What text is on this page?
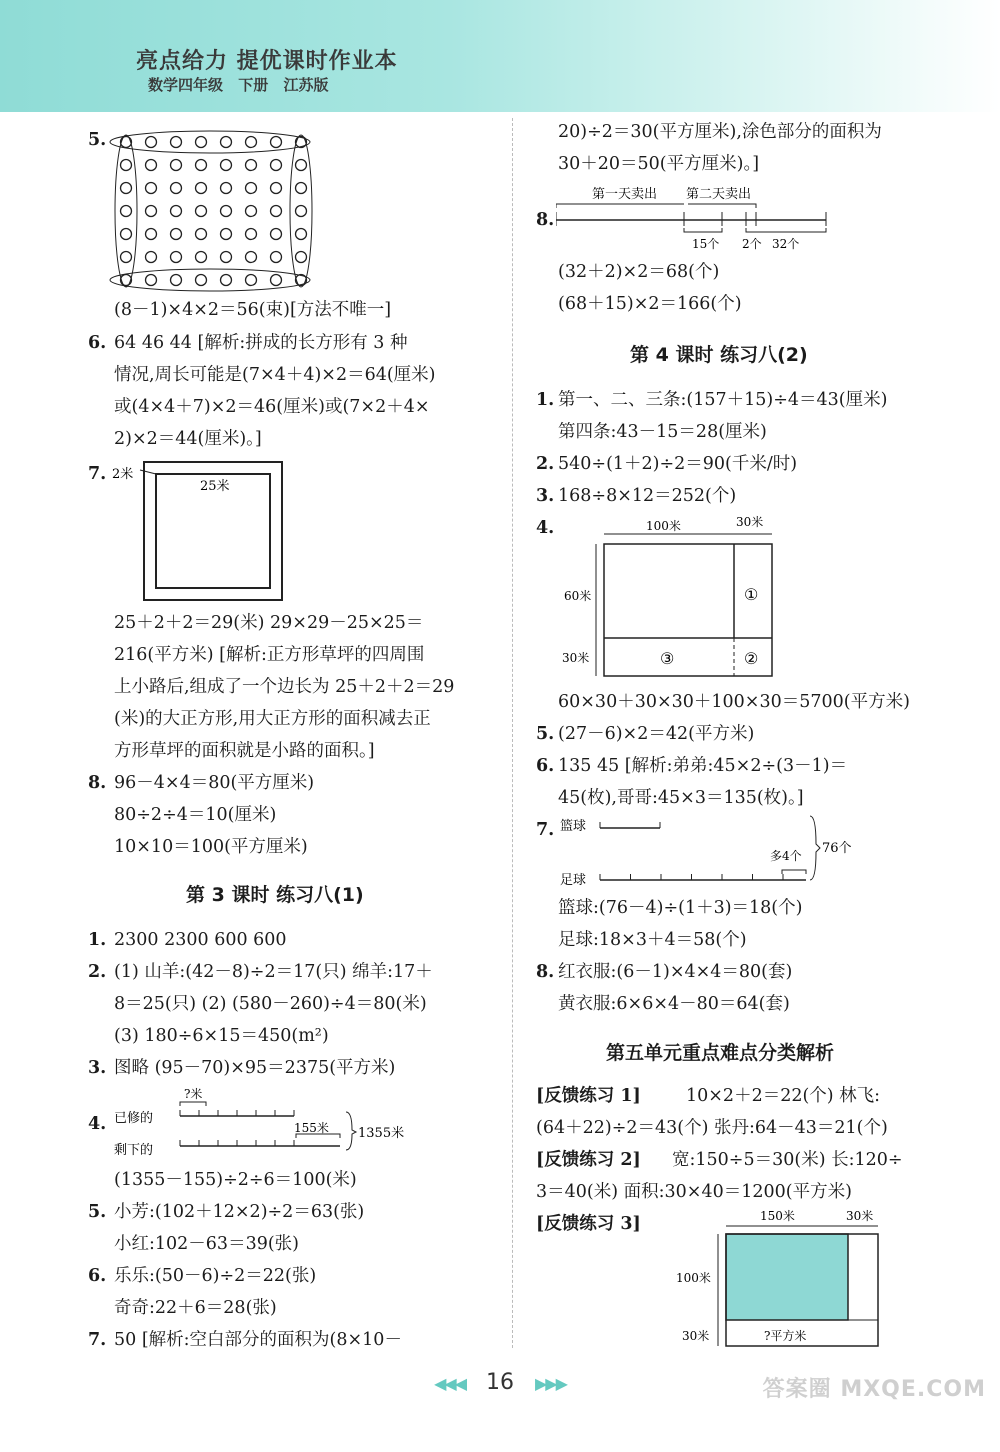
亮点给力 提优课时作业本
数学四年级 下册 江苏版
5.
(8－1)×4×2＝56(束)[方法不唯一]
6. 64 46 44 [解析:拼成的长方形有 3 种
情况,周长可能是(7×4＋4)×2＝64(厘米)
或(4×4＋7)×2＝46(厘米)或(7×2＋4×
2)×2＝44(厘米)。]
7. 2米
25米
25＋2＋2＝29(米) 29×29－25×25＝
216(平方米) [解析:正方形草坪的四周围
上小路后,组成了一个边长为 25＋2＋2＝29
(米)的大正方形,用大正方形的面积减去正
方形草坪的面积就是小路的面积。]
8. 96－4×4＝80(平方厘米)
80÷2÷4＝10(厘米)
10×10＝100(平方厘米)
第 3 课时 练习八(1)
1. 2300 2300 600 600
2. (1) 山羊:(42－8)÷2＝17(只) 绵羊:17＋
8＝25(只) (2) (580－260)÷4＝80(米)
(3) 180÷6×15＝450(m²)
3. 图略 (95－70)×95＝2375(平方米)
4.
?米
已修的
剩下的
155米 1355米
(1355－155)÷2÷6＝100(米)
5. 小芳:(102＋12×2)÷2＝63(张)
小红:102－63＝39(张)
6. 乐乐:(50－6)÷2＝22(张)
奇奇:22＋6＝28(张)
7. 50 [解析:空白部分的面积为(8×10－
20)÷2＝30(平方厘米),涂色部分的面积为
30＋20＝50(平方厘米)。]
8.
第一天卖出 第二天卖出
15个 2个 32个
(32＋2)×2＝68(个)
(68＋15)×2＝166(个)
第 4 课时 练习八(2)
1. 第一、二、三条:(157＋15)÷4＝43(厘米)
第四条:43－15＝28(厘米)
2. 540÷(1＋2)÷2＝90(千米/时)
3. 168÷8×12＝252(个)
4.	100米	30米
60米
30米
①
②
③
60×30＋30×30＋100×30＝5700(平方米)
5. (27－6)×2＝42(平方米)
6. 135 45 [解析:弟弟:45×2÷(3－1)＝
45(枚),哥哥:45×3＝135(枚)。]
7. 篮球
多4个
足球
76个
篮球:(76－4)÷(1＋3)＝18(个)
足球:18×3＋4＝58(个)
8. 红衣服:(6－1)×4×4＝80(套)
黄衣服:6×6×4－80＝64(套)
第五单元重点难点分类解析
[反馈练习 1]	10×2＋2＝22(个) 林飞:
(64＋22)÷2＝43(个) 张丹:64－43＝21(个)
[反馈练习 2] 宽:150÷5＝30(米) 长:120÷
3＝40(米) 面积:30×40＝1200(平方米)
[反馈练习 3]	150米	30米
100米
30米	?平方米
◀◀◀ 16 ▶▶▶	答案圈 MXQE.COM
